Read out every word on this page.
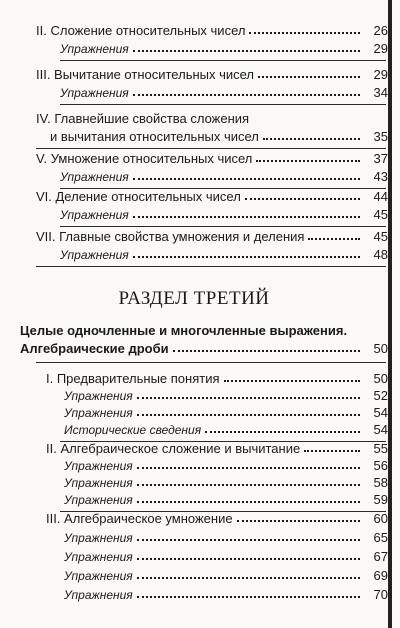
II. Сложение относительных чисел	26
Упражнения	29
III. Вычитание относительных чисел	29
Упражнения	34
IV. Главнейшие свойства сложения
и вычитания относительных чисел	35
V. Умножение относительных чисел	37
Упражнения	43
VI. Деление относительных чисел	44
Упражнения	45
VII. Главные свойства умножения и деления	45
Упражнения	48
РАЗДЕЛ ТРЕТИЙ
Целые одночленные и многочленные выражения.
Алгебраические дроби	50
I. Предварительные понятия	50
Упражнения	52
Упражнения	54
Исторические сведения	54
II. Алгебраическое сложение и вычитание	55
Упражнения	56
Упражнения	58
Упражнения	59
III. Алгебраическое умножение	60
Упражнения	65
Упражнения	67
Упражнения	69
Упражнения	70
